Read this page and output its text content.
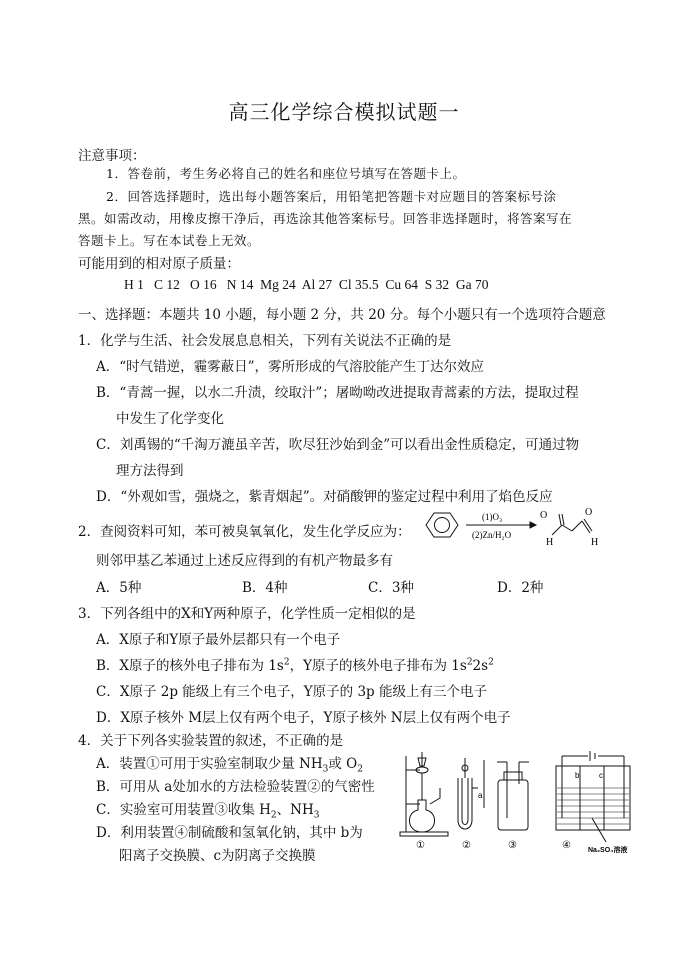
高三化学综合模拟试题一
注意事项：
1．答卷前，考生务必将自己的姓名和座位号填写在答题卡上。
2．回答选择题时，选出每小题答案后，用铅笔把答题卡对应题目的答案标号涂
黑。如需改动，用橡皮擦干净后，再选涂其他答案标号。回答非选择题时，将答案写在
答题卡上。写在本试卷上无效。
可能用到的相对原子质量：
H 1   C 12   O 16   N 14  Mg 24  Al 27  Cl 35.5  Cu 64  S 32  Ga 70
一、选择题：本题共 10 小题，每小题 2 分，共 20 分。每个小题只有一个选项符合题意
1．化学与生活、社会发展息息相关，下列有关说法不正确的是
A．“时气错逆，霾雾蔽日”，雾所形成的气溶胶能产生丁达尔效应
B．“青蒿一握，以水二升渍，绞取汁”；屠呦呦改进提取青蒿素的方法，提取过程
中发生了化学变化
C．刘禹锡的“千淘万漉虽辛苦，吹尽狂沙始到金”可以看出金性质稳定，可通过物
理方法得到
D．“外观如雪，强烧之，紫青烟起”。对硝酸钾的鉴定过程中利用了焰色反应
2．查阅资料可知，苯可被臭氧氧化，发生化学反应为：
(1)O₃
(2)Zn/H₂O
O	O
H	H
则邻甲基乙苯通过上述反应得到的有机产物最多有
A．5种	B．4种	C．3种	D．2种
3．下列各组中的X和Y两种原子，化学性质一定相似的是
A．X原子和Y原子最外层都只有一个电子
B．X原子的核外电子排布为 $1s^2$，Y原子的核外电子排布为 $1s^22s^2$
C．X原子 2p 能级上有三个电子，Y原子的 3p 能级上有三个电子
D．X原子核外 M层上仅有两个电子，Y原子核外 N层上仅有两个电子
4．关于下列各实验装置的叙述，不正确的是
A．装置①可用于实验室制取少量 $NH_3$或 $O_2$
B．可用从 a处加水的方法检验装置②的气密性
C．实验室可用装置③收集 $H_2$、$NH_3$
D．利用装置④制硫酸和氢氧化钠，其中 b为
阳离子交换膜、c为阴离子交换膜
①	②	③	④
a
b c
Na₂SO₄溶液
